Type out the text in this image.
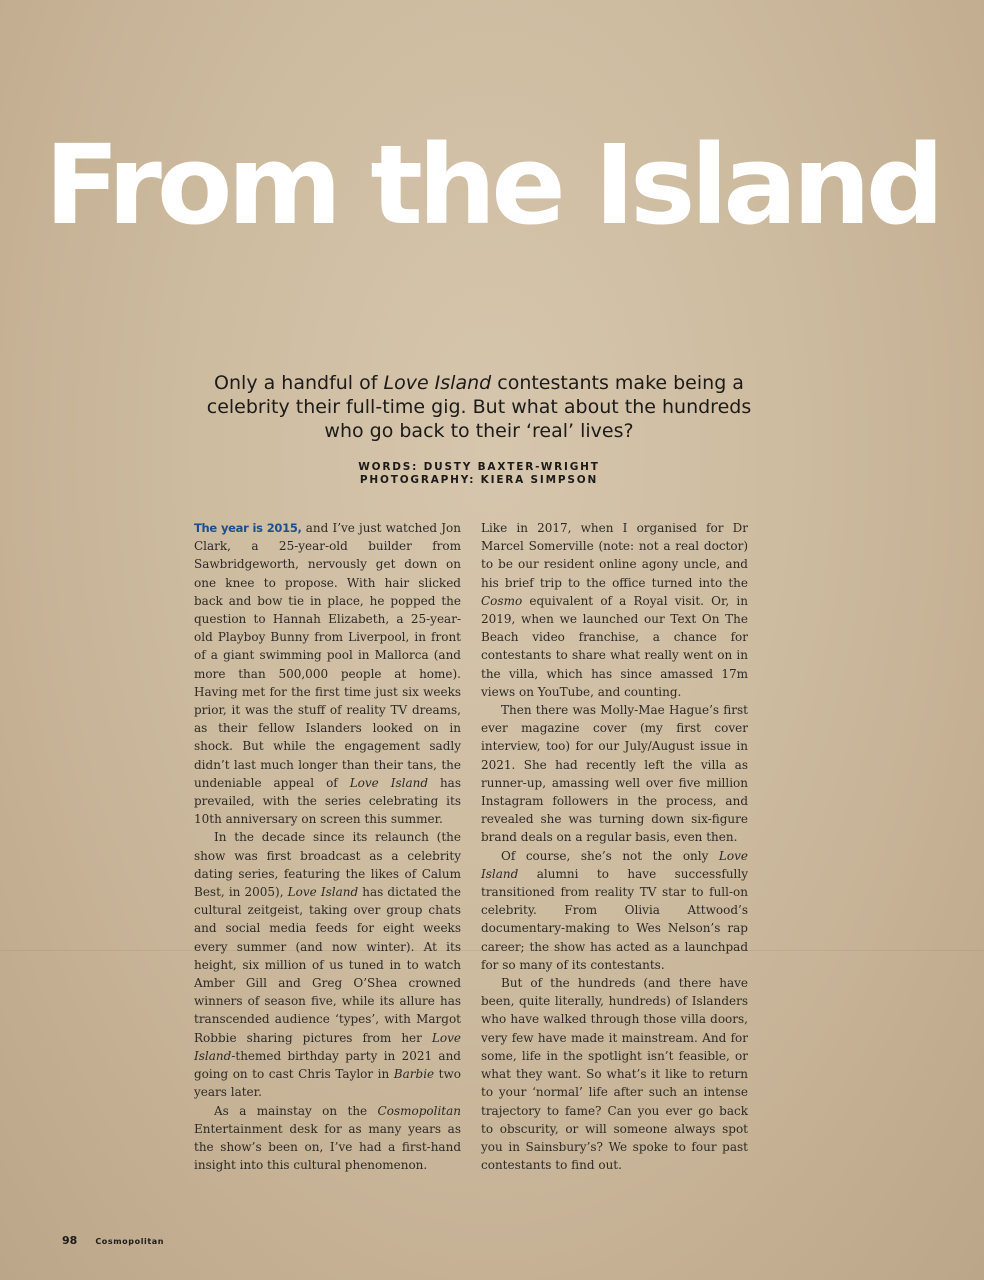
From the Island
Only a handful of Love Island contestants make being a celebrity their full-time gig. But what about the hundreds who go back to their ‘real’ lives?
WORDS: DUSTY BAXTER-WRIGHT
PHOTOGRAPHY: KIERA SIMPSON

The year is 2015, and I’ve just watched Jon Clark, a 25-year-old builder from Sawbridgeworth, nervously get down on one knee to propose. With hair slicked back and bow tie in place, he popped the question to Hannah Elizabeth, a 25-year-old Playboy Bunny from Liverpool, in front of a giant swimming pool in Mallorca (and more than 500,000 people at home). Having met for the first time just six weeks prior, it was the stuff of reality TV dreams, as their fellow Islanders looked on in shock. But while the engagement sadly didn’t last much longer than their tans, the undeniable appeal of Love Island has prevailed, with the series celebrating its 10th anniversary on screen this summer.

In the decade since its relaunch (the show was first broadcast as a celebrity dating series, featuring the likes of Calum Best, in 2005), Love Island has dictated the cultural zeitgeist, taking over group chats and social media feeds for eight weeks every summer (and now winter). At its height, six million of us tuned in to watch Amber Gill and Greg O’Shea crowned winners of season five, while its allure has transcended audience ‘types’, with Margot Robbie sharing pictures from her Love Island-themed birthday party in 2021 and going on to cast Chris Taylor in Barbie two years later.

As a mainstay on the Cosmopolitan Entertainment desk for as many years as the show’s been on, I’ve had a first-hand insight into this cultural phenomenon.

Like in 2017, when I organised for Dr Marcel Somerville (note: not a real doctor) to be our resident online agony uncle, and his brief trip to the office turned into the Cosmo equivalent of a Royal visit. Or, in 2019, when we launched our Text On The Beach video franchise, a chance for contestants to share what really went on in the villa, which has since amassed 17m views on YouTube, and counting.

Then there was Molly-Mae Hague’s first ever magazine cover (my first cover interview, too) for our July/August issue in 2021. She had recently left the villa as runner-up, amassing well over five million Instagram followers in the process, and revealed she was turning down six-figure brand deals on a regular basis, even then.

Of course, she’s not the only Love Island alumni to have successfully transitioned from reality TV star to full-on celebrity. From Olivia Attwood’s documentary-making to Wes Nelson’s rap career; the show has acted as a launchpad for so many of its contestants.

But of the hundreds (and there have been, quite literally, hundreds) of Islanders who have walked through those villa doors, very few have made it mainstream. And for some, life in the spotlight isn’t feasible, or what they want. So what’s it like to return to your ‘normal’ life after such an intense trajectory to fame? Can you ever go back to obscurity, or will someone always spot you in Sainsbury’s? We spoke to four past contestants to find out.

98 Cosmopolitan
